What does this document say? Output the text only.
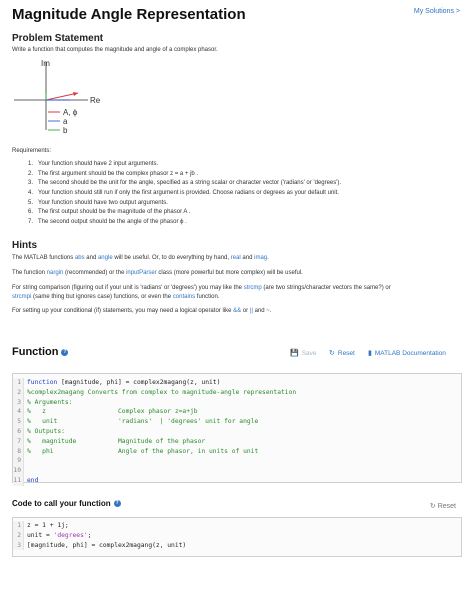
Magnitude Angle Representation	My Solutions >
Problem Statement
Write a function that computes the magnitude and angle of a complex phasor.
Im
Re
A, ϕ
a
b
Requirements:
1. Your function should have 2 input arguments.
2. The first argument should be the complex phasor z = a + jb .
3. The second should be the unit for the angle, specified as a string scalar or character vector ('radians' or 'degrees').
4. Your function should still run if only the first argument is provided. Choose radians or degrees as your default unit.
5. Your function should have two output arguments.
6. The first output should be the magnitude of the phasor A .
7. The second output should be the angle of the phasor ϕ .
Hints
The MATLAB functions abs and angle will be useful. Or, to do everything by hand, real and imag.
The function nargin (recommended) or the inputParser class (more powerful but more complex) will be useful.
For string comparison (figuring out if your unit is 'radians' or 'degrees') you may like the strcmp (are two strings/character vectors the same?) or
strcmpi (same thing but ignores case) functions, or even the contains function.
For setting up your conditional (if) statements, you may need a logical operator like && or || and ~.
Function ?	💾 Save ↻ Reset ▮ MATLAB Documentation
1 function [magnitude, phi] = complex2magang(z, unit)
2 %complex2magang Converts from complex to magnitude-angle representation
3 % Arguments:
4 %   z                   Complex phasor z=a+jb
5 %   unit                'radians'  | 'degrees' unit for angle
6 % Outputs:
7 %   magnitude           Magnitude of the phasor
8 %   phi                 Angle of the phasor, in units of unit
9
10
11 end
Code to call your function ?	↻ Reset
1 z = 1 + 1j;
2 unit = 'degrees';
3 [magnitude, phi] = complex2magang(z, unit)
